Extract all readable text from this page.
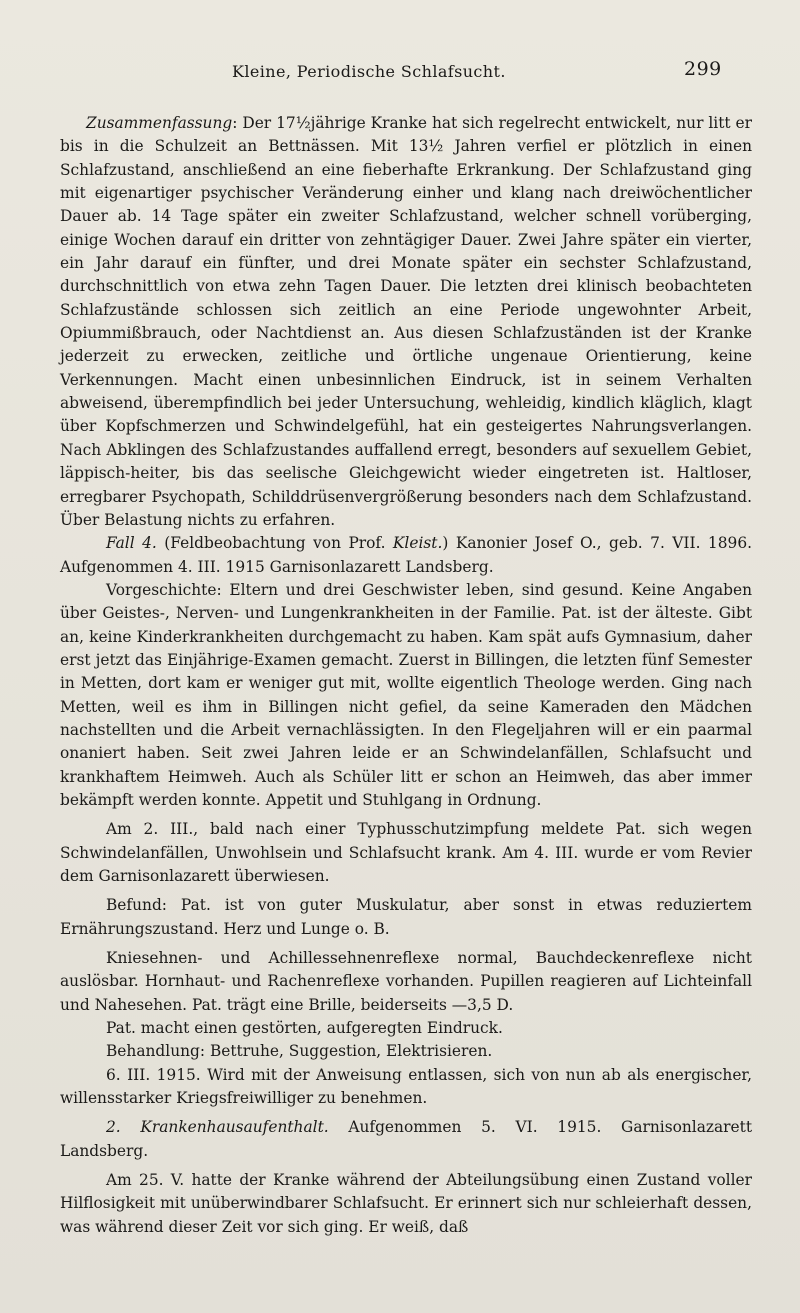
Kleine, Periodische Schlafsucht.	299

Zusammenfassung: Der 17½jährige Kranke hat sich regelrecht entwickelt, nur litt er bis in die Schulzeit an Bettnässen. Mit 13½ Jahren verfiel er plötzlich in einen Schlafzustand, anschließend an eine fieberhafte Erkrankung. Der Schlafzustand ging mit eigenartiger psychischer Veränderung einher und klang nach dreiwöchentlicher Dauer ab. 14 Tage später ein zweiter Schlafzustand, welcher schnell vorüberging, einige Wochen darauf ein dritter von zehntägiger Dauer. Zwei Jahre später ein vierter, ein Jahr darauf ein fünfter, und drei Monate später ein sechster Schlafzustand, durchschnittlich von etwa zehn Tagen Dauer. Die letzten drei klinisch beobachteten Schlafzustände schlossen sich zeitlich an eine Periode ungewohnter Arbeit, Opiummißbrauch, oder Nachtdienst an. Aus diesen Schlafzuständen ist der Kranke jederzeit zu erwecken, zeitliche und örtliche ungenaue Orientierung, keine Verkennungen. Macht einen unbesinnlichen Eindruck, ist in seinem Verhalten abweisend, überempfindlich bei jeder Untersuchung, wehleidig, kindlich kläglich, klagt über Kopfschmerzen und Schwindelgefühl, hat ein gesteigertes Nahrungsverlangen. Nach Abklingen des Schlafzustandes auffallend erregt, besonders auf sexuellem Gebiet, läppisch-heiter, bis das seelische Gleichgewicht wieder eingetreten ist. Haltloser, erregbarer Psychopath, Schilddrüsenvergrößerung besonders nach dem Schlafzustand. Über Belastung nichts zu erfahren.

Fall 4. (Feldbeobachtung von Prof. Kleist.) Kanonier Josef O., geb. 7. VII. 1896. Aufgenommen 4. III. 1915 Garnisonlazarett Landsberg.

Vorgeschichte: Eltern und drei Geschwister leben, sind gesund. Keine Angaben über Geistes-, Nerven- und Lungenkrankheiten in der Familie. Pat. ist der älteste. Gibt an, keine Kinderkrankheiten durchgemacht zu haben. Kam spät aufs Gymnasium, daher erst jetzt das Einjährige-Examen gemacht. Zuerst in Billingen, die letzten fünf Semester in Metten, dort kam er weniger gut mit, wollte eigentlich Theologe werden. Ging nach Metten, weil es ihm in Billingen nicht gefiel, da seine Kameraden den Mädchen nachstellten und die Arbeit vernachlässigten. In den Flegeljahren will er ein paarmal onaniert haben. Seit zwei Jahren leide er an Schwindelanfällen, Schlafsucht und krankhaftem Heimweh. Auch als Schüler litt er schon an Heimweh, das aber immer bekämpft werden konnte. Appetit und Stuhlgang in Ordnung.

Am 2. III., bald nach einer Typhusschutzimpfung meldete Pat. sich wegen Schwindelanfällen, Unwohlsein und Schlafsucht krank. Am 4. III. wurde er vom Revier dem Garnisonlazarett überwiesen.

Befund: Pat. ist von guter Muskulatur, aber sonst in etwas reduziertem Ernährungszustand. Herz und Lunge o. B.

Kniesehnen- und Achillessehnenreflexe normal, Bauchdeckenreflexe nicht auslösbar. Hornhaut- und Rachenreflexe vorhanden. Pupillen reagieren auf Lichteinfall und Nahesehen. Pat. trägt eine Brille, beiderseits —3,5 D.

Pat. macht einen gestörten, aufgeregten Eindruck.

Behandlung: Bettruhe, Suggestion, Elektrisieren.

6. III. 1915. Wird mit der Anweisung entlassen, sich von nun ab als energischer, willensstarker Kriegsfreiwilliger zu benehmen.

2. Krankenhausaufenthalt. Aufgenommen 5. VI. 1915. Garnisonlazarett Landsberg.

Am 25. V. hatte der Kranke während der Abteilungsübung einen Zustand voller Hilflosigkeit mit unüberwindbarer Schlafsucht. Er erinnert sich nur schleierhaft dessen, was während dieser Zeit vor sich ging. Er weiß, daß
